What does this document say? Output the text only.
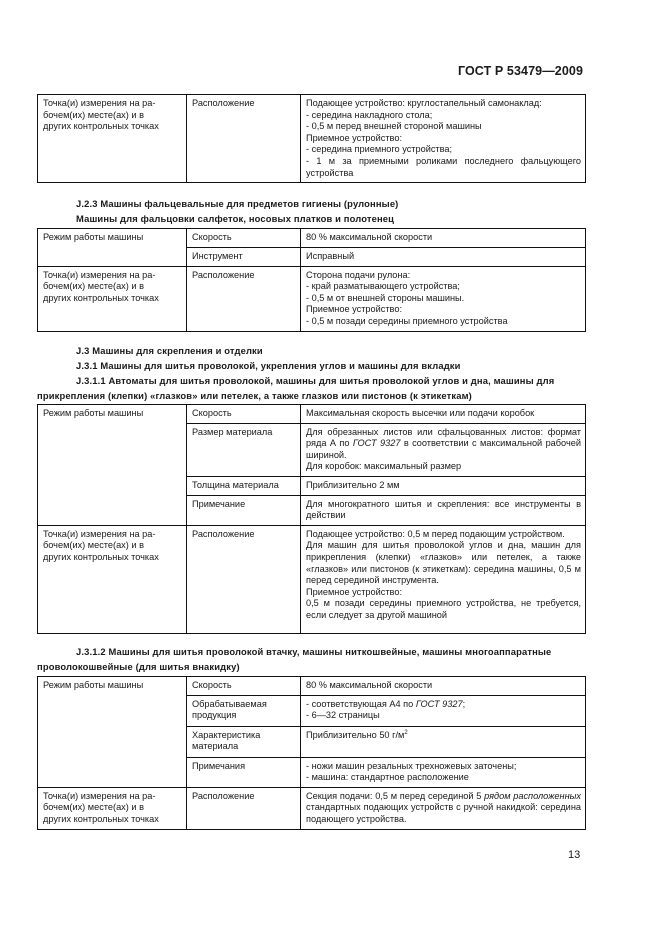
ГОСТ Р 53479—2009
Точка(и) измерения на ра-
бочем(их) месте(ах) и в
других контрольных точках
	Расположение	Подающее устройство: круглостапельный самонаклад:
- середина накладного стола;
- 0,5 м перед внешней стороной машины
Приемное устройство:
- середина приемного устройства;
- 1 м за приемными роликами последнего фальцующего
устройства
J.2.3 Машины фальцевальные для предметов гигиены (рулонные)
Машины для фальцовки салфеток, носовых платков и полотенец
Режим работы машины	Скорость	80 % максимальной скорости
	Инструмент	Исправный

Точка(и) измерения на ра-
бочем(их) месте(ах) и в
других контрольных точках	Расположение	Сторона подачи рулона:
- край разматывающего устройства;
- 0,5 м от внешней стороны машины.
Приемное устройство:
- 0,5 м позади середины приемного устройства
J.3 Машины для скрепления и отделки
J.3.1 Машины для шитья проволокой, укрепления углов и машины для вкладки
J.3.1.1 Автоматы для шитья проволокой, машины для шитья проволокой углов и дна, машины для
прикрепления (клепки) «глазков» или петелек, а также глазков или пистонов (к этикеткам)
Режим работы машины	Скорость	Максимальная скорость высечки или подачи коробок
	Размер материала	Для обрезанных листов или сфальцованных листов: формат ряда А по ГОСТ 9327 в соответствии с максимальной рабочей шириной.
Для коробок: максимальный размер

	Толщина материала	Приблизительно 2 мм
	Примечание	Для многократного шитья и скрепления: все инструменты в действии

Точка(и) измерения на ра-
бочем(их) месте(ах) и в
других контрольных точках
	Расположение	Подающее устройство: 0,5 м перед подающим устройством.
Для машин для шитья проволокой углов и дна, машин для прикрепления (клепки) «глазков» или петелек, а также «глазков» или пистонов (к этикеткам): середина машины, 0,5 м перед серединой инструмента.
Приемное устройство:
0,5 м позади середины приемного устройства, не требуется, если следует за другой машиной
J.3.1.2 Машины для шитья проволокой втачку, машины ниткошвейные, машины многоаппаратные
проволокошвейные (для шитья внакидку)
Режим работы машины	Скорость	80 % максимальной скорости
	Обрабатываемая продукция	- соответствующая А4 по ГОСТ 9327;
- 6—32 страницы

	Характеристика материала	Приблизительно 50 $г/м^2$
	Примечания	- ножи машин резальных трехножевых заточены;
- машина: стандартное расположение

Точка(и) измерения на ра-
бочем(их) месте(ах) и в
других контрольных точках	Расположение	Секция подачи: 0,5 м перед серединой 5 рядом расположенных стандартных подающих устройств с ручной накидкой: середина подающего устройства.
13
